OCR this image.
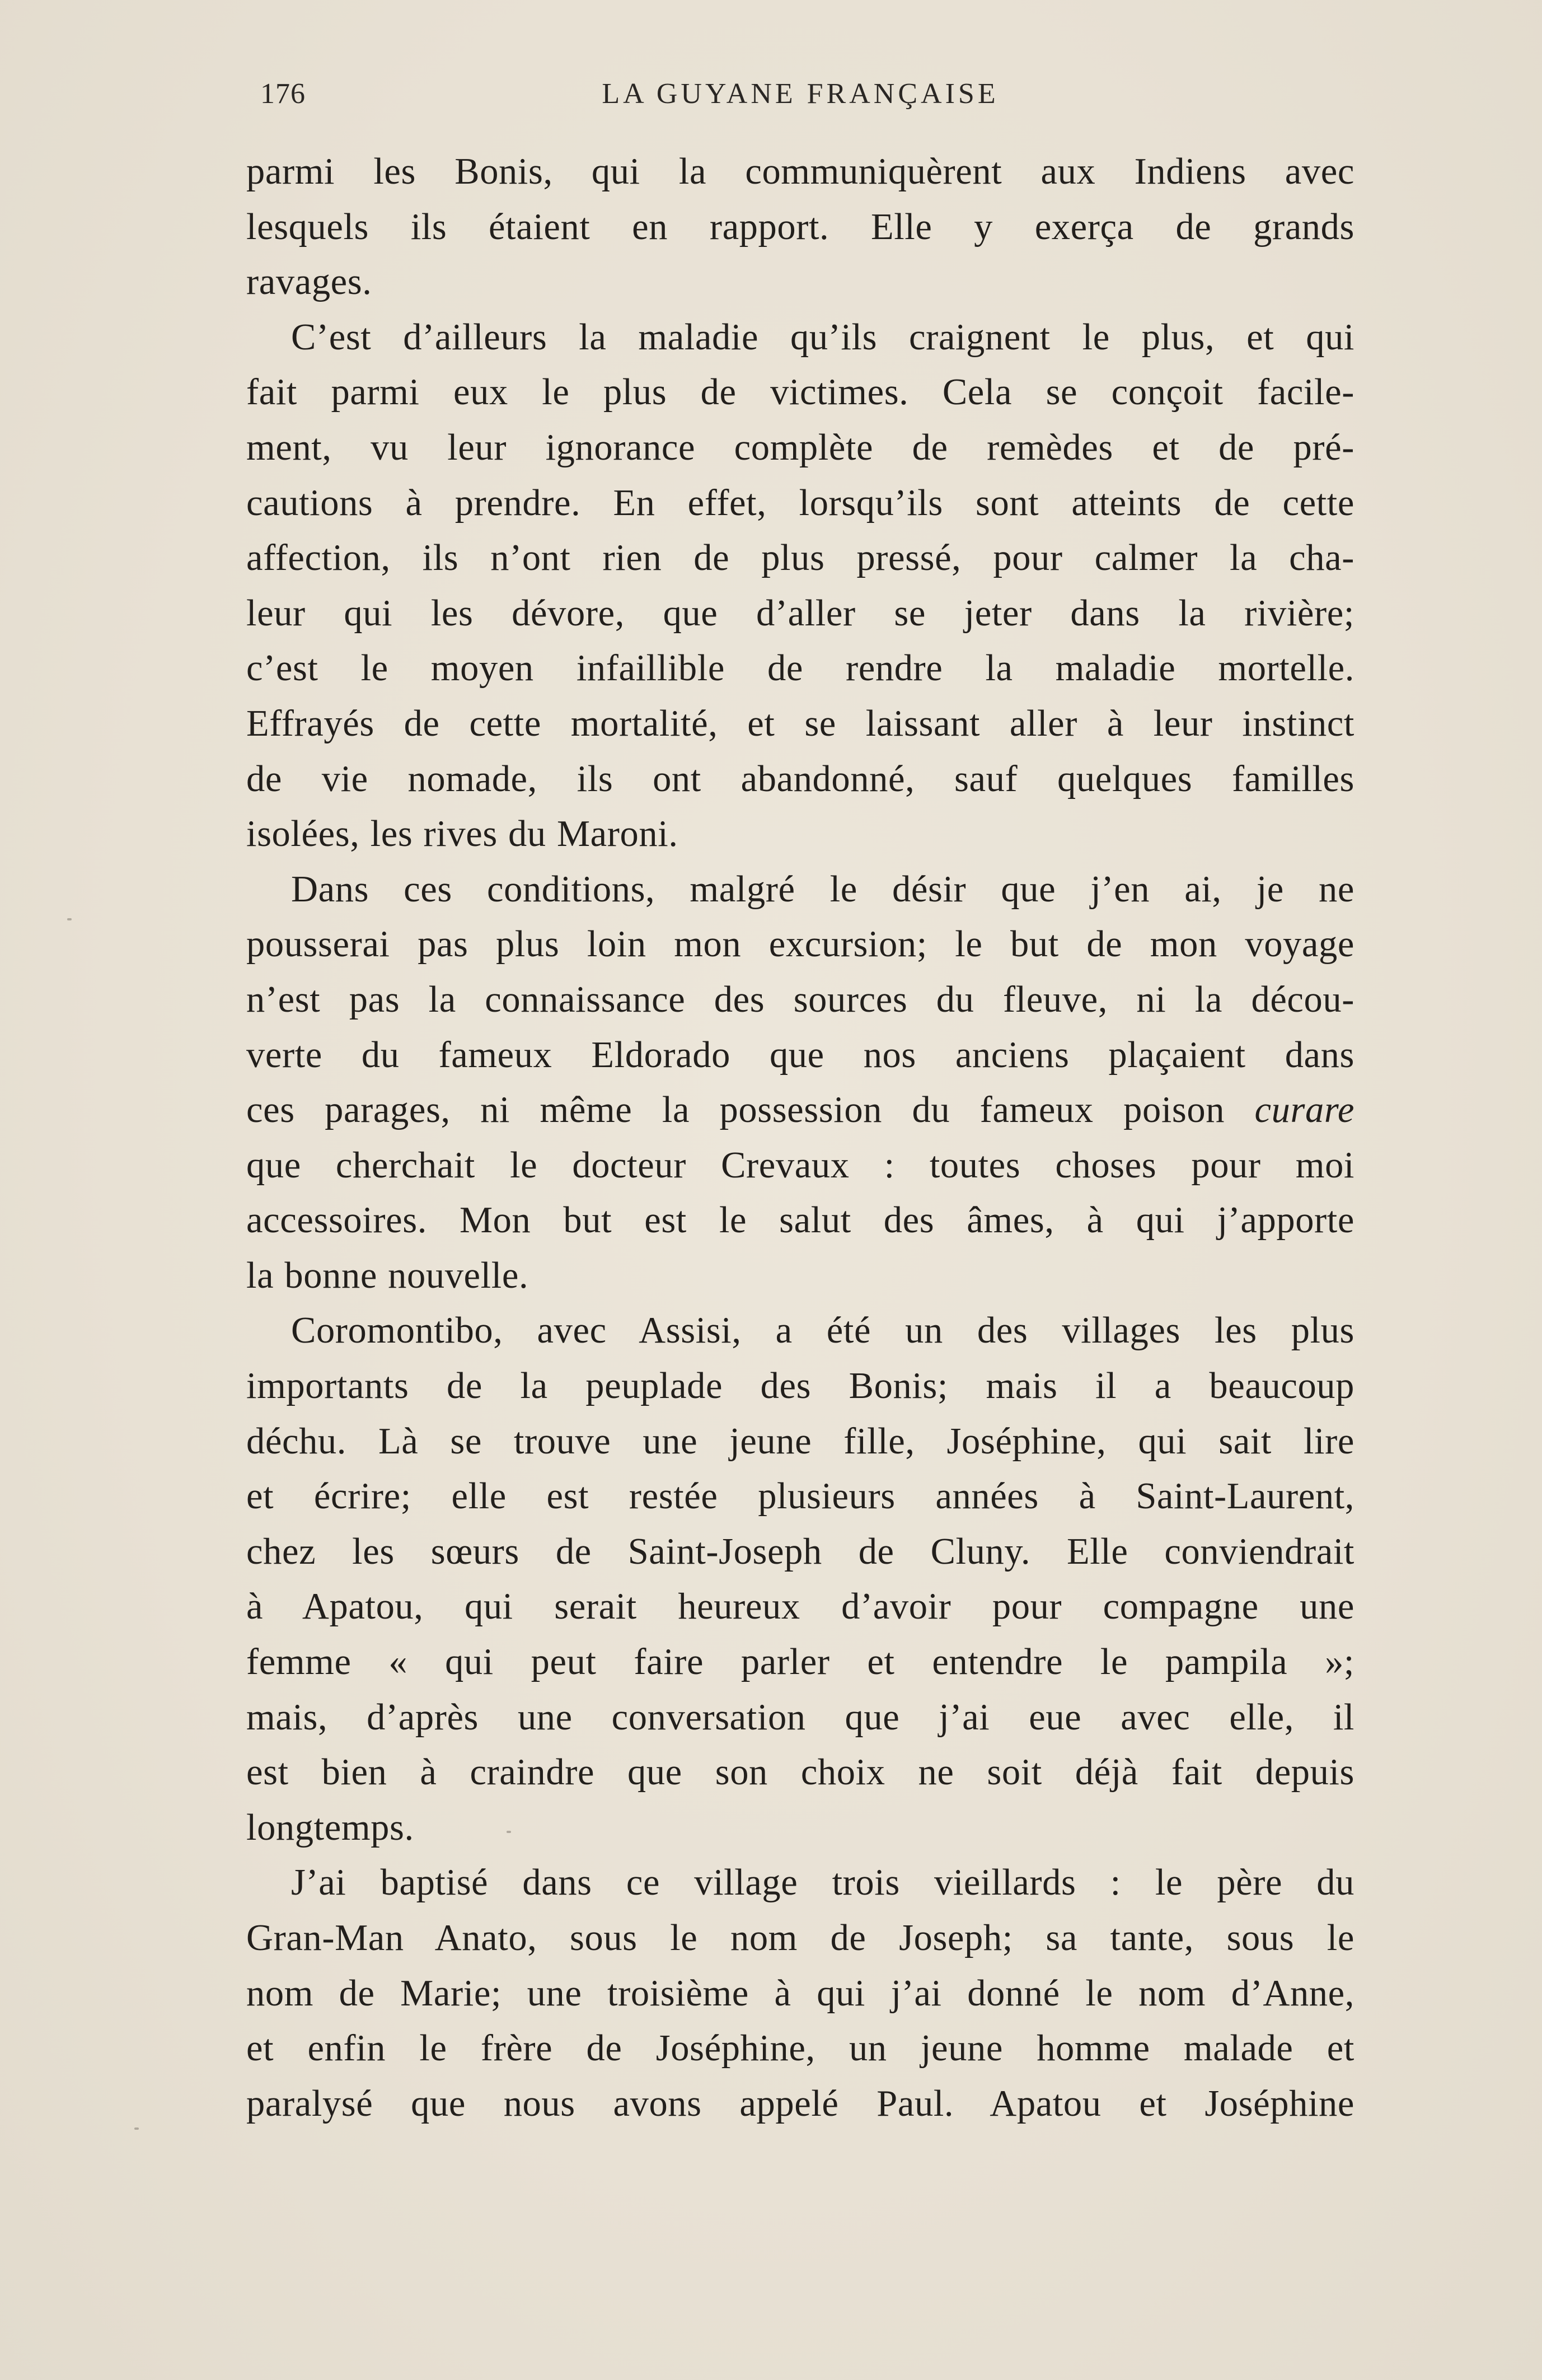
176	LA GUYANE FRANÇAISE
parmi les Bonis, qui la communiquèrent aux Indiens avec
lesquels ils étaient en rapport. Elle y exerça de grands
ravages.
C’est d’ailleurs la maladie qu’ils craignent le plus, et qui
fait parmi eux le plus de victimes. Cela se conçoit facile-
ment, vu leur ignorance complète de remèdes et de pré-
cautions à prendre. En effet, lorsqu’ils sont atteints de cette
affection, ils n’ont rien de plus pressé, pour calmer la cha-
leur qui les dévore, que d’aller se jeter dans la rivière;
c’est le moyen infaillible de rendre la maladie mortelle.
Effrayés de cette mortalité, et se laissant aller à leur instinct
de vie nomade, ils ont abandonné, sauf quelques familles
isolées, les rives du Maroni.
Dans ces conditions, malgré le désir que j’en ai, je ne
pousserai pas plus loin mon excursion; le but de mon voyage
n’est pas la connaissance des sources du fleuve, ni la décou-
verte du fameux Eldorado que nos anciens plaçaient dans
ces parages, ni même la possession du fameux poison curare
que cherchait le docteur Crevaux : toutes choses pour moi
accessoires. Mon but est le salut des âmes, à qui j’apporte
la bonne nouvelle.
Coromontibo, avec Assisi, a été un des villages les plus
importants de la peuplade des Bonis; mais il a beaucoup
déchu. Là se trouve une jeune fille, Joséphine, qui sait lire
et écrire; elle est restée plusieurs années à Saint-Laurent,
chez les sœurs de Saint-Joseph de Cluny. Elle conviendrait
à Apatou, qui serait heureux d’avoir pour compagne une
femme « qui peut faire parler et entendre le pampila »;
mais, d’après une conversation que j’ai eue avec elle, il
est bien à craindre que son choix ne soit déjà fait depuis
longtemps.
J’ai baptisé dans ce village trois vieillards : le père du
Gran-Man Anato, sous le nom de Joseph; sa tante, sous le
nom de Marie; une troisième à qui j’ai donné le nom d’Anne,
et enfin le frère de Joséphine, un jeune homme malade et
paralysé que nous avons appelé Paul. Apatou et Joséphine
